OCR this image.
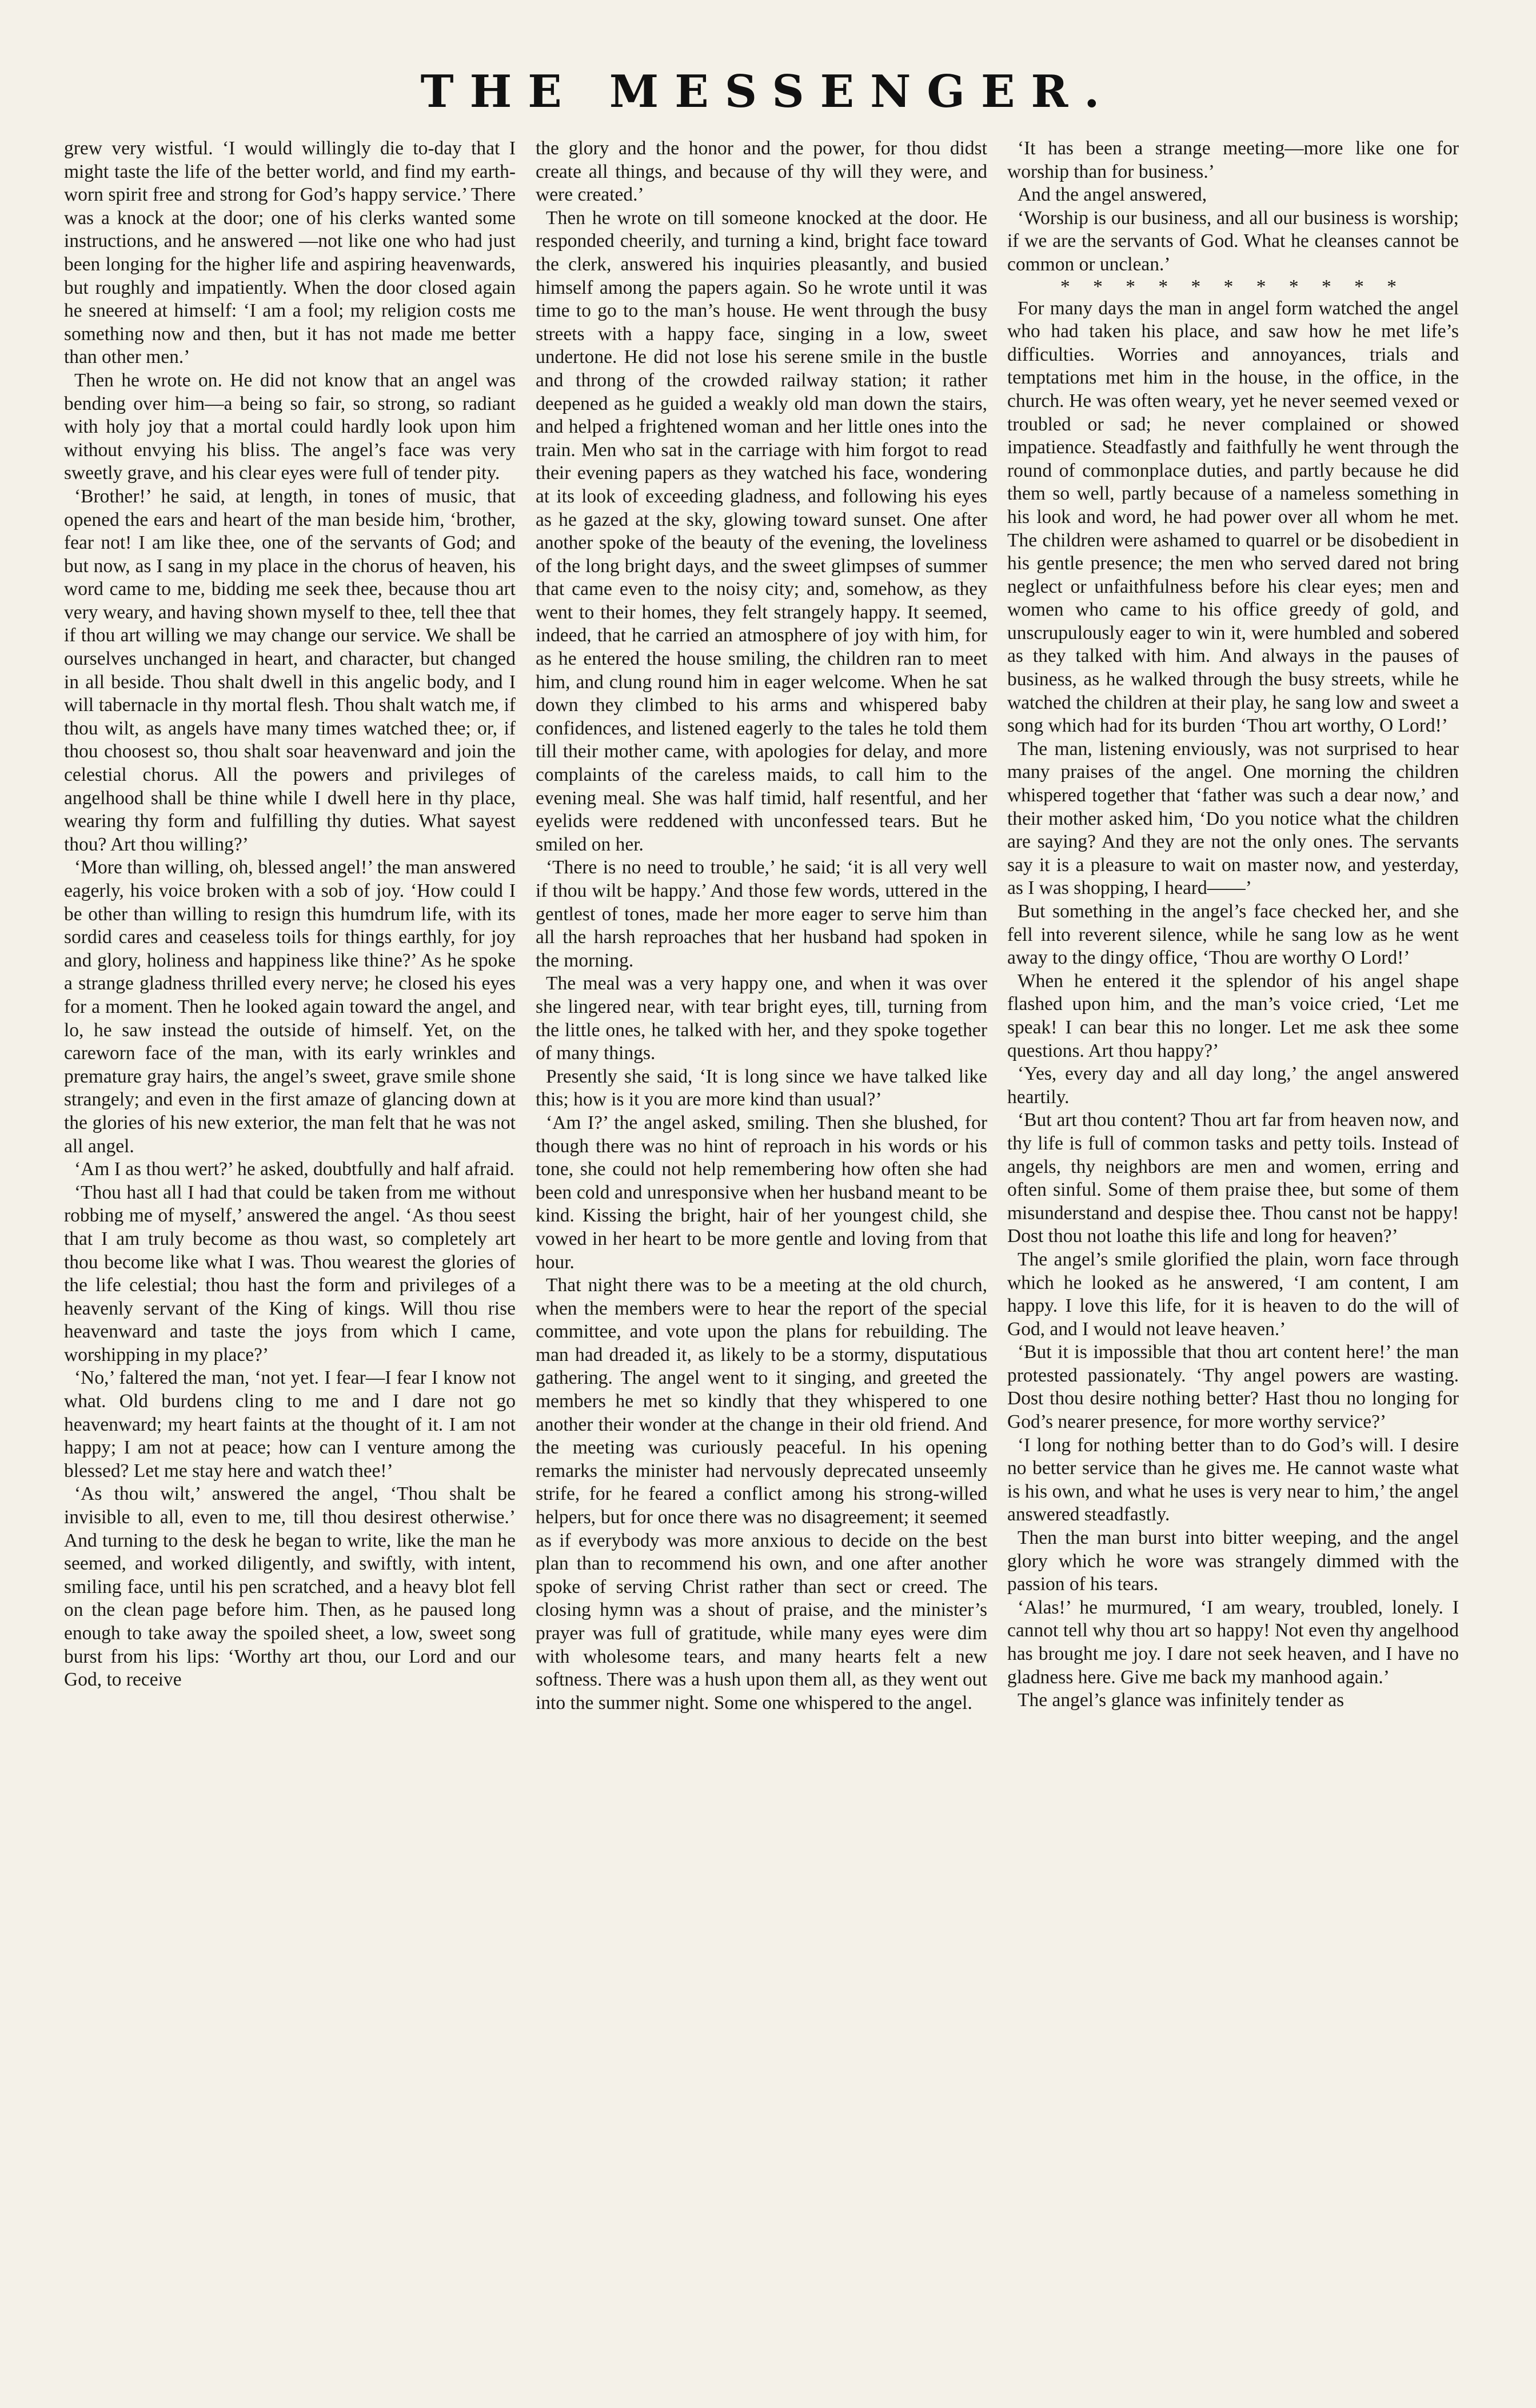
THE MESSENGER.

grew very wistful. ‘I would willingly die to-day that I might taste the life of the better world, and find my earth-worn spirit free and strong for God’s happy service.’ There was a knock at the door; one of his clerks wanted some instructions, and he answered —not like one who had just been longing for the higher life and aspiring heavenwards, but roughly and impatiently. When the door closed again he sneered at himself: ‘I am a fool; my religion costs me something now and then, but it has not made me better than other men.’

Then he wrote on. He did not know that an angel was bending over him—a being so fair, so strong, so radiant with holy joy that a mortal could hardly look upon him without envying his bliss. The angel’s face was very sweetly grave, and his clear eyes were full of tender pity.

‘Brother!’ he said, at length, in tones of music, that opened the ears and heart of the man beside him, ‘brother, fear not! I am like thee, one of the servants of God; and but now, as I sang in my place in the chorus of heaven, his word came to me, bidding me seek thee, because thou art very weary, and having shown myself to thee, tell thee that if thou art willing we may change our service. We shall be ourselves unchanged in heart, and character, but changed in all beside. Thou shalt dwell in this angelic body, and I will tabernacle in thy mortal flesh. Thou shalt watch me, if thou wilt, as angels have many times watched thee; or, if thou choosest so, thou shalt soar heavenward and join the celestial chorus. All the powers and privileges of angelhood shall be thine while I dwell here in thy place, wearing thy form and fulfilling thy duties. What sayest thou? Art thou willing?’

‘More than willing, oh, blessed angel!’ the man answered eagerly, his voice broken with a sob of joy. ‘How could I be other than willing to resign this humdrum life, with its sordid cares and ceaseless toils for things earthly, for joy and glory, holiness and happiness like thine?’ As he spoke a strange gladness thrilled every nerve; he closed his eyes for a moment. Then he looked again toward the angel, and lo, he saw instead the outside of himself. Yet, on the careworn face of the man, with its early wrinkles and premature gray hairs, the angel’s sweet, grave smile shone strangely; and even in the first amaze of glancing down at the glories of his new exterior, the man felt that he was not all angel.

‘Am I as thou wert?’ he asked, doubtfully and half afraid.

‘Thou hast all I had that could be taken from me without robbing me of myself,’ answered the angel. ‘As thou seest that I am truly become as thou wast, so completely art thou become like what I was. Thou wearest the glories of the life celestial; thou hast the form and privileges of a heavenly servant of the King of kings. Will thou rise heavenward and taste the joys from which I came, worshipping in my place?’

‘No,’ faltered the man, ‘not yet. I fear—I fear I know not what. Old burdens cling to me and I dare not go heavenward; my heart faints at the thought of it. I am not happy; I am not at peace; how can I venture among the blessed? Let me stay here and watch thee!’

‘As thou wilt,’ answered the angel, ‘Thou shalt be invisible to all, even to me, till thou desirest otherwise.’ And turning to the desk he began to write, like the man he seemed, and worked diligently, and swiftly, with intent, smiling face, until his pen scratched, and a heavy blot fell on the clean page before him. Then, as he paused long enough to take away the spoiled sheet, a low, sweet song burst from his lips: ‘Worthy art thou, our Lord and our God, to receive

the glory and the honor and the power, for thou didst create all things, and because of thy will they were, and were created.’

Then he wrote on till someone knocked at the door. He responded cheerily, and turning a kind, bright face toward the clerk, answered his inquiries pleasantly, and busied himself among the papers again. So he wrote until it was time to go to the man’s house. He went through the busy streets with a happy face, singing in a low, sweet undertone. He did not lose his serene smile in the bustle and throng of the crowded railway station; it rather deepened as he guided a weakly old man down the stairs, and helped a frightened woman and her little ones into the train. Men who sat in the carriage with him forgot to read their evening papers as they watched his face, wondering at its look of exceeding gladness, and following his eyes as he gazed at the sky, glowing toward sunset. One after another spoke of the beauty of the evening, the loveliness of the long bright days, and the sweet glimpses of summer that came even to the noisy city; and, somehow, as they went to their homes, they felt strangely happy. It seemed, indeed, that he carried an atmosphere of joy with him, for as he entered the house smiling, the children ran to meet him, and clung round him in eager welcome. When he sat down they climbed to his arms and whispered baby confidences, and listened eagerly to the tales he told them till their mother came, with apologies for delay, and more complaints of the careless maids, to call him to the evening meal. She was half timid, half resentful, and her eyelids were reddened with unconfessed tears. But he smiled on her.

‘There is no need to trouble,’ he said; ‘it is all very well if thou wilt be happy.’ And those few words, uttered in the gentlest of tones, made her more eager to serve him than all the harsh reproaches that her husband had spoken in the morning.

The meal was a very happy one, and when it was over she lingered near, with tear bright eyes, till, turning from the little ones, he talked with her, and they spoke together of many things.

Presently she said, ‘It is long since we have talked like this; how is it you are more kind than usual?’

‘Am I?’ the angel asked, smiling. Then she blushed, for though there was no hint of reproach in his words or his tone, she could not help remembering how often she had been cold and unresponsive when her husband meant to be kind. Kissing the bright, hair of her youngest child, she vowed in her heart to be more gentle and loving from that hour.

That night there was to be a meeting at the old church, when the members were to hear the report of the special committee, and vote upon the plans for rebuilding. The man had dreaded it, as likely to be a stormy, disputatious gathering. The angel went to it singing, and greeted the members he met so kindly that they whispered to one another their wonder at the change in their old friend. And the meeting was curiously peaceful. In his opening remarks the minister had nervously deprecated unseemly strife, for he feared a conflict among his strong-willed helpers, but for once there was no disagreement; it seemed as if everybody was more anxious to decide on the best plan than to recommend his own, and one after another spoke of serving Christ rather than sect or creed. The closing hymn was a shout of praise, and the minister’s prayer was full of gratitude, while many eyes were dim with wholesome tears, and many hearts felt a new softness. There was a hush upon them all, as they went out into the summer night. Some one whispered to the angel.

‘It has been a strange meeting—more like one for worship than for business.’

And the angel answered,

‘Worship is our business, and all our business is worship; if we are the servants of God. What he cleanses cannot be common or unclean.’

* * * * * * * * * * *

For many days the man in angel form watched the angel who had taken his place, and saw how he met life’s difficulties. Worries and annoyances, trials and temptations met him in the house, in the office, in the church. He was often weary, yet he never seemed vexed or troubled or sad; he never complained or showed impatience. Steadfastly and faithfully he went through the round of commonplace duties, and partly because he did them so well, partly because of a nameless something in his look and word, he had power over all whom he met. The children were ashamed to quarrel or be disobedient in his gentle presence; the men who served dared not bring neglect or unfaithfulness before his clear eyes; men and women who came to his office greedy of gold, and unscrupulously eager to win it, were humbled and sobered as they talked with him. And always in the pauses of business, as he walked through the busy streets, while he watched the children at their play, he sang low and sweet a song which had for its burden ‘Thou art worthy, O Lord!’

The man, listening enviously, was not surprised to hear many praises of the angel. One morning the children whispered together that ‘father was such a dear now,’ and their mother asked him, ‘Do you notice what the children are saying? And they are not the only ones. The servants say it is a pleasure to wait on master now, and yesterday, as I was shopping, I heard——’

But something in the angel’s face checked her, and she fell into reverent silence, while he sang low as he went away to the dingy office, ‘Thou are worthy O Lord!’

When he entered it the splendor of his angel shape flashed upon him, and the man’s voice cried, ‘Let me speak! I can bear this no longer. Let me ask thee some questions. Art thou happy?’

‘Yes, every day and all day long,’ the angel answered heartily.

‘But art thou content? Thou art far from heaven now, and thy life is full of common tasks and petty toils. Instead of angels, thy neighbors are men and women, erring and often sinful. Some of them praise thee, but some of them misunderstand and despise thee. Thou canst not be happy! Dost thou not loathe this life and long for heaven?’

The angel’s smile glorified the plain, worn face through which he looked as he answered, ‘I am content, I am happy. I love this life, for it is heaven to do the will of God, and I would not leave heaven.’

‘But it is impossible that thou art content here!’ the man protested passionately. ‘Thy angel powers are wasting. Dost thou desire nothing better? Hast thou no longing for God’s nearer presence, for more worthy service?’

‘I long for nothing better than to do God’s will. I desire no better service than he gives me. He cannot waste what is his own, and what he uses is very near to him,’ the angel answered steadfastly.

Then the man burst into bitter weeping, and the angel glory which he wore was strangely dimmed with the passion of his tears.

‘Alas!’ he murmured, ‘I am weary, troubled, lonely. I cannot tell why thou art so happy! Not even thy angelhood has brought me joy. I dare not seek heaven, and I have no gladness here. Give me back my manhood again.’

The angel’s glance was infinitely tender as
